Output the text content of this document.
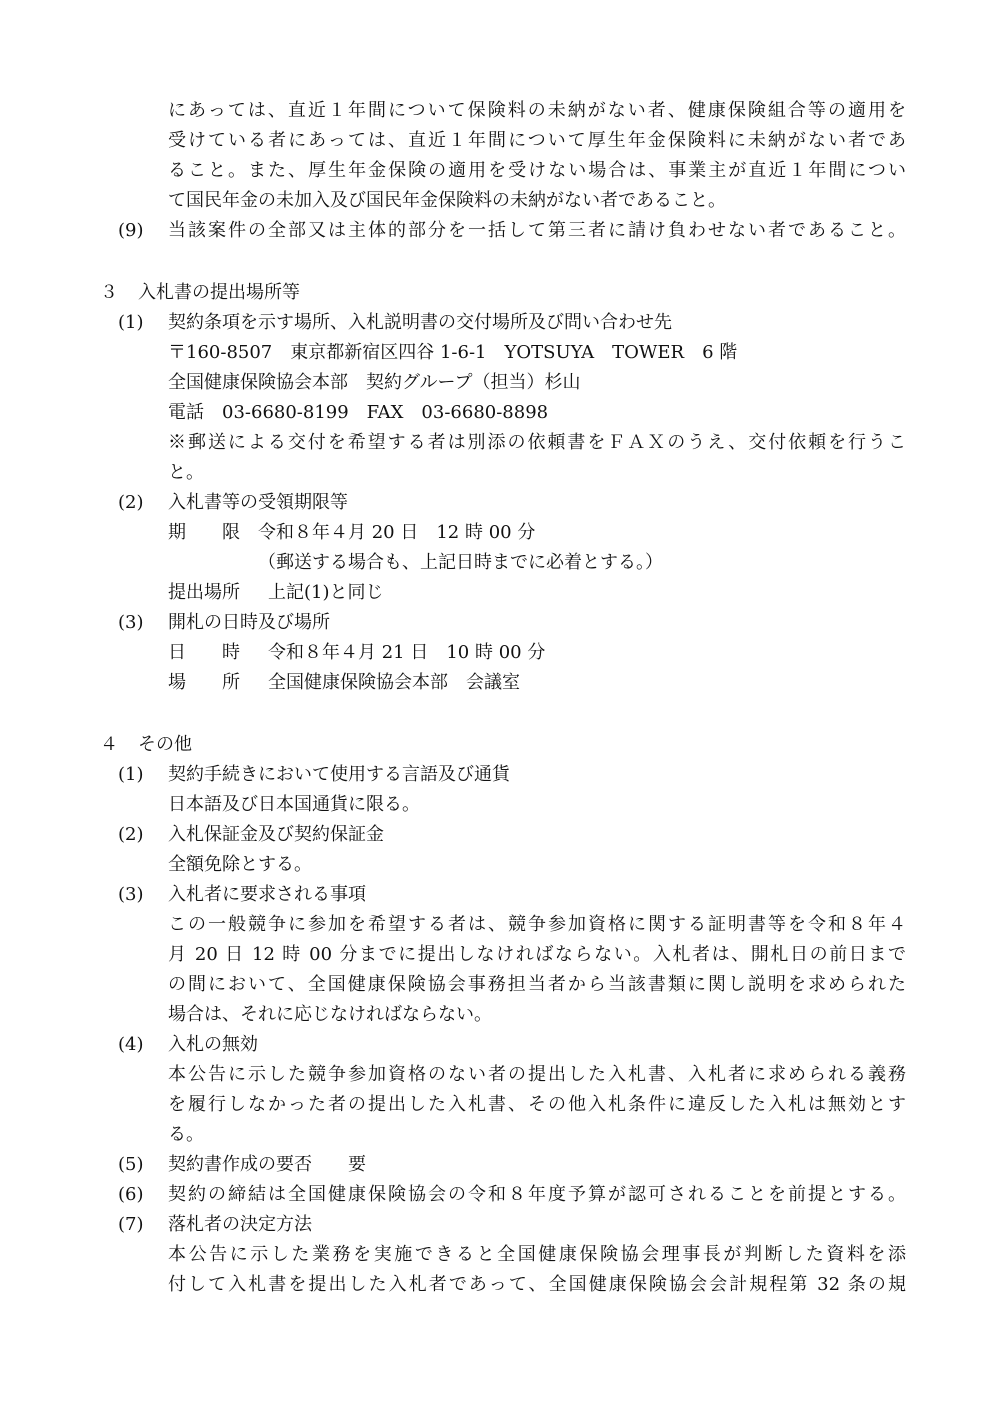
にあっては、直近１年間について保険料の未納がない者、健康保険組合等の適用を
受けている者にあっては、直近１年間について厚生年金保険料に未納がない者であ
ること。また、厚生年金保険の適用を受けない場合は、事業主が直近１年間につい
て国民年金の未加入及び国民年金保険料の未納がない者であること。
(9) 当該案件の全部又は主体的部分を一括して第三者に請け負わせない者であること。
３ 入札書の提出場所等
(1) 契約条項を示す場所、入札説明書の交付場所及び問い合わせ先
〒160-8507　東京都新宿区四谷 1-6-1　YOTSUYA　TOWER　6 階
全国健康保険協会本部　契約グループ（担当）杉山
電話　03-6680-8199　FAX　03-6680-8898
※郵送による交付を希望する者は別添の依頼書をＦＡＸのうえ、交付依頼を行うこ
と。
(2) 入札書等の受領期限等
期　　限 令和８年４月 20 日　12 時 00 分
（郵送する場合も、上記日時までに必着とする。）
提出場所 上記(1)と同じ
(3) 開札の日時及び場所
日　　時 令和８年４月 21 日　10 時 00 分
場　　所 全国健康保険協会本部　会議室
４ その他
(1) 契約手続きにおいて使用する言語及び通貨
日本語及び日本国通貨に限る。
(2) 入札保証金及び契約保証金
全額免除とする。
(3) 入札者に要求される事項
この一般競争に参加を希望する者は、競争参加資格に関する証明書等を令和８年４
月 20 日 12 時 00 分までに提出しなければならない。入札者は、開札日の前日まで
の間において、全国健康保険協会事務担当者から当該書類に関し説明を求められた
場合は、それに応じなければならない。
(4) 入札の無効
本公告に示した競争参加資格のない者の提出した入札書、入札者に求められる義務
を履行しなかった者の提出した入札書、その他入札条件に違反した入札は無効とす
る。
(5) 契約書作成の要否　　要
(6) 契約の締結は全国健康保険協会の令和８年度予算が認可されることを前提とする。
(7) 落札者の決定方法
本公告に示した業務を実施できると全国健康保険協会理事長が判断した資料を添
付して入札書を提出した入札者であって、全国健康保険協会会計規程第 32 条の規
